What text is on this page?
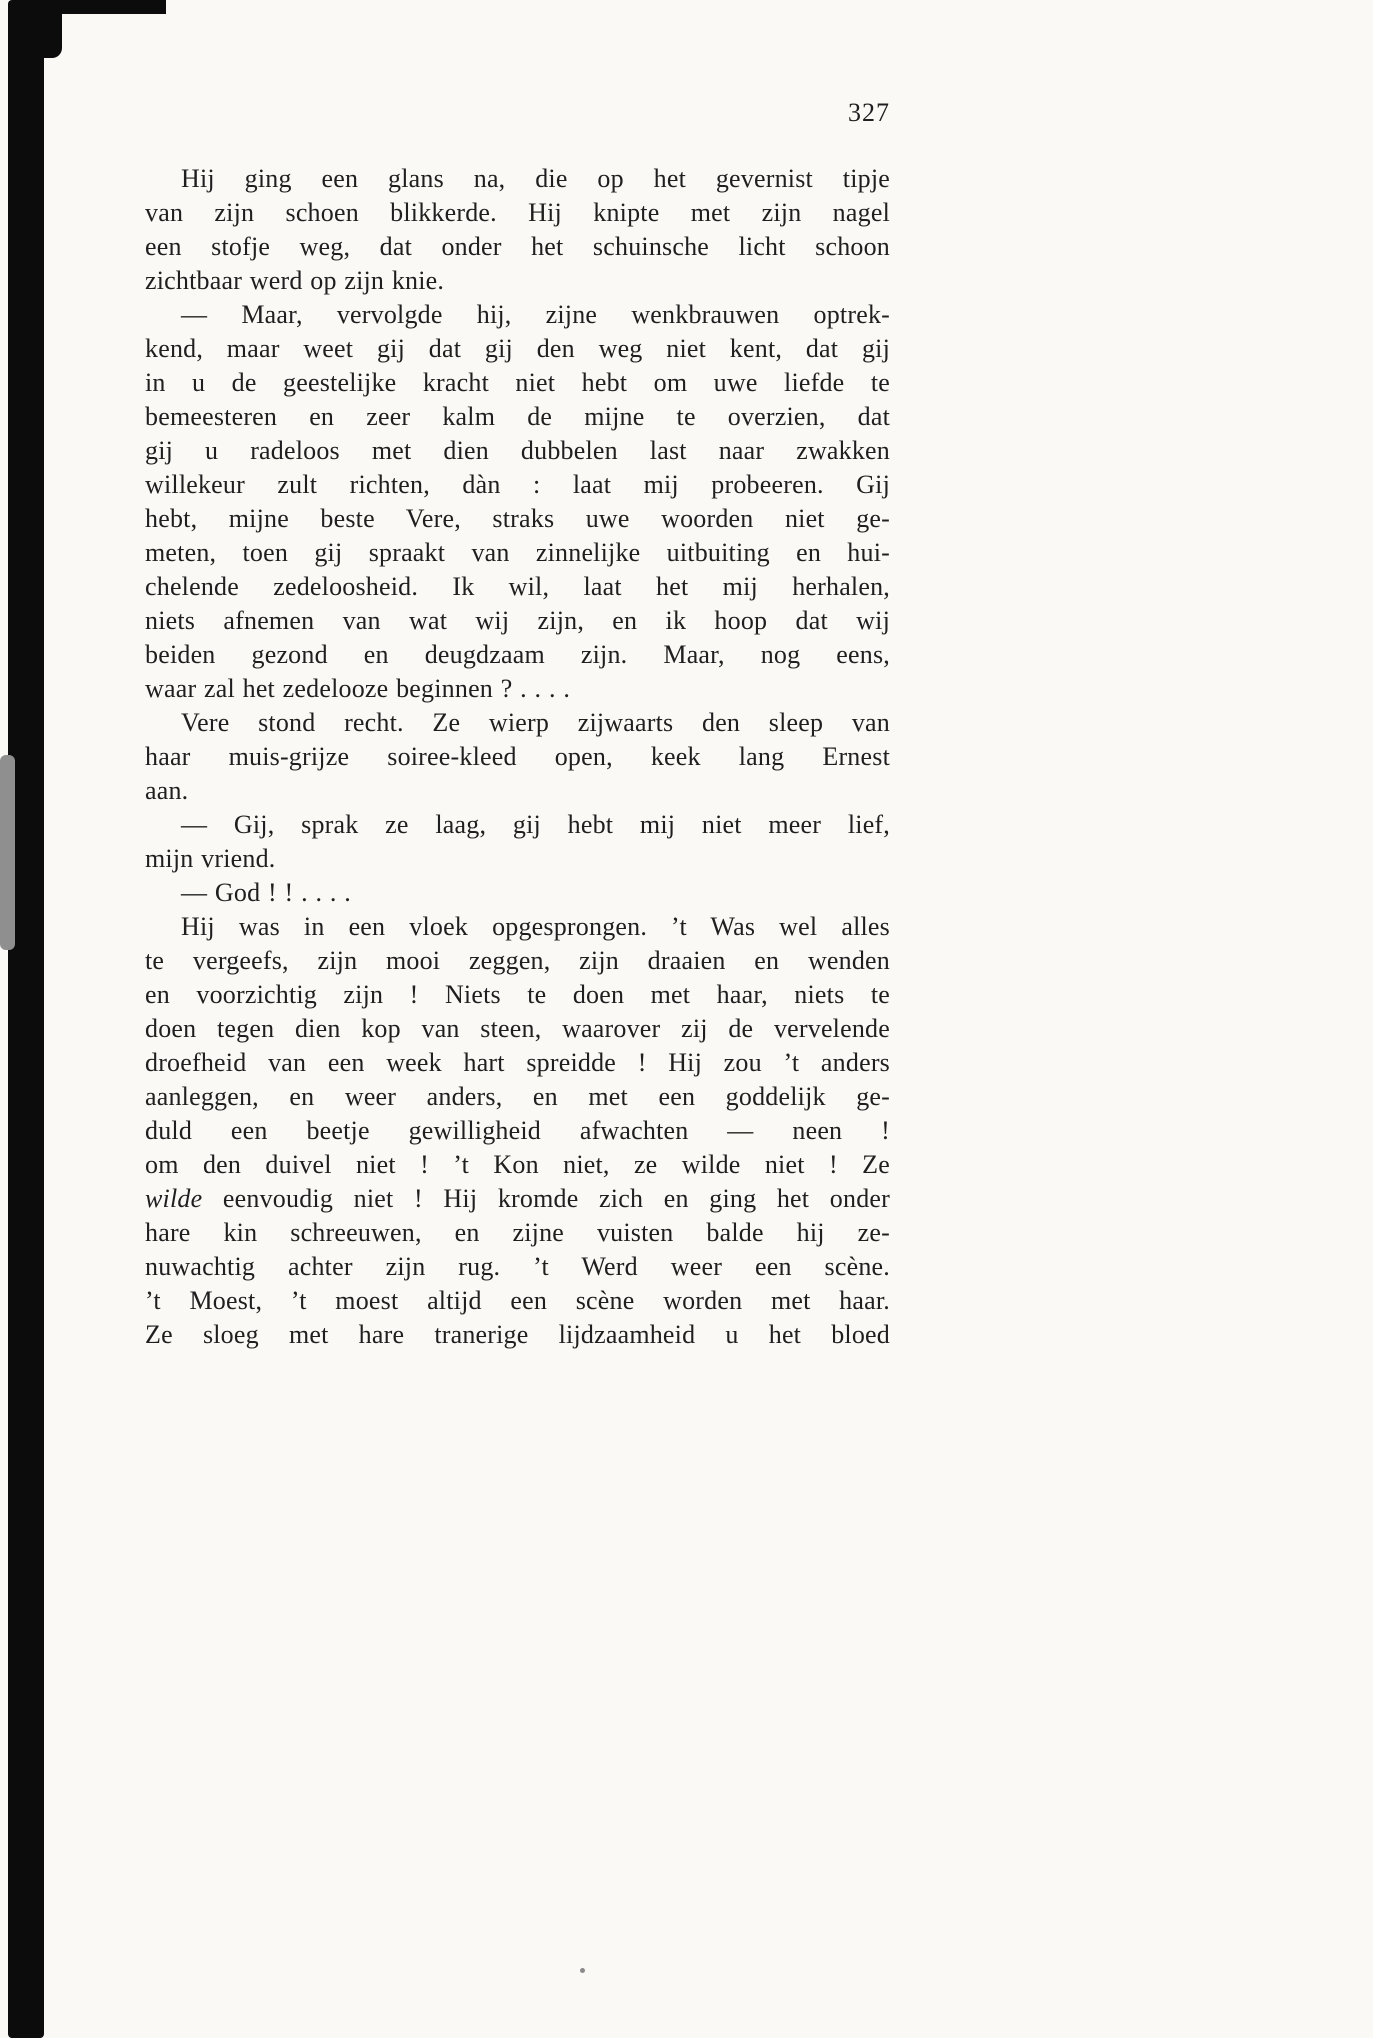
327
Hij ging een glans na, die op het gevernist tipje
van zijn schoen blikkerde. Hij knipte met zijn nagel
een stofje weg, dat onder het schuinsche licht schoon
zichtbaar werd op zijn knie.
— Maar, vervolgde hij, zijne wenkbrauwen optrek-
kend, maar weet gij dat gij den weg niet kent, dat gij
in u de geestelijke kracht niet hebt om uwe liefde te
bemeesteren en zeer kalm de mijne te overzien, dat
gij u radeloos met dien dubbelen last naar zwakken
willekeur zult richten, dàn : laat mij probeeren. Gij
hebt, mijne beste Vere, straks uwe woorden niet ge-
meten, toen gij spraakt van zinnelijke uitbuiting en hui-
chelende zedeloosheid. Ik wil, laat het mij herhalen,
niets afnemen van wat wij zijn, en ik hoop dat wij
beiden gezond en deugdzaam zijn. Maar, nog eens,
waar zal het zedelooze beginnen ? . . . .
Vere stond recht. Ze wierp zijwaarts den sleep van
haar muis-grijze soiree-kleed open, keek lang Ernest
aan.
— Gij, sprak ze laag, gij hebt mij niet meer lief,
mijn vriend.
— God ! ! . . . .
Hij was in een vloek opgesprongen. ’t Was wel alles
te vergeefs, zijn mooi zeggen, zijn draaien en wenden
en voorzichtig zijn ! Niets te doen met haar, niets te
doen tegen dien kop van steen, waarover zij de vervelende
droefheid van een week hart spreidde ! Hij zou ’t anders
aanleggen, en weer anders, en met een goddelijk ge-
duld een beetje gewilligheid afwachten — neen !
om den duivel niet ! ’t Kon niet, ze wilde niet ! Ze
wilde eenvoudig niet ! Hij kromde zich en ging het onder
hare kin schreeuwen, en zijne vuisten balde hij ze-
nuwachtig achter zijn rug. ’t Werd weer een scène.
’t Moest, ’t moest altijd een scène worden met haar.
Ze sloeg met hare tranerige lijdzaamheid u het bloed
